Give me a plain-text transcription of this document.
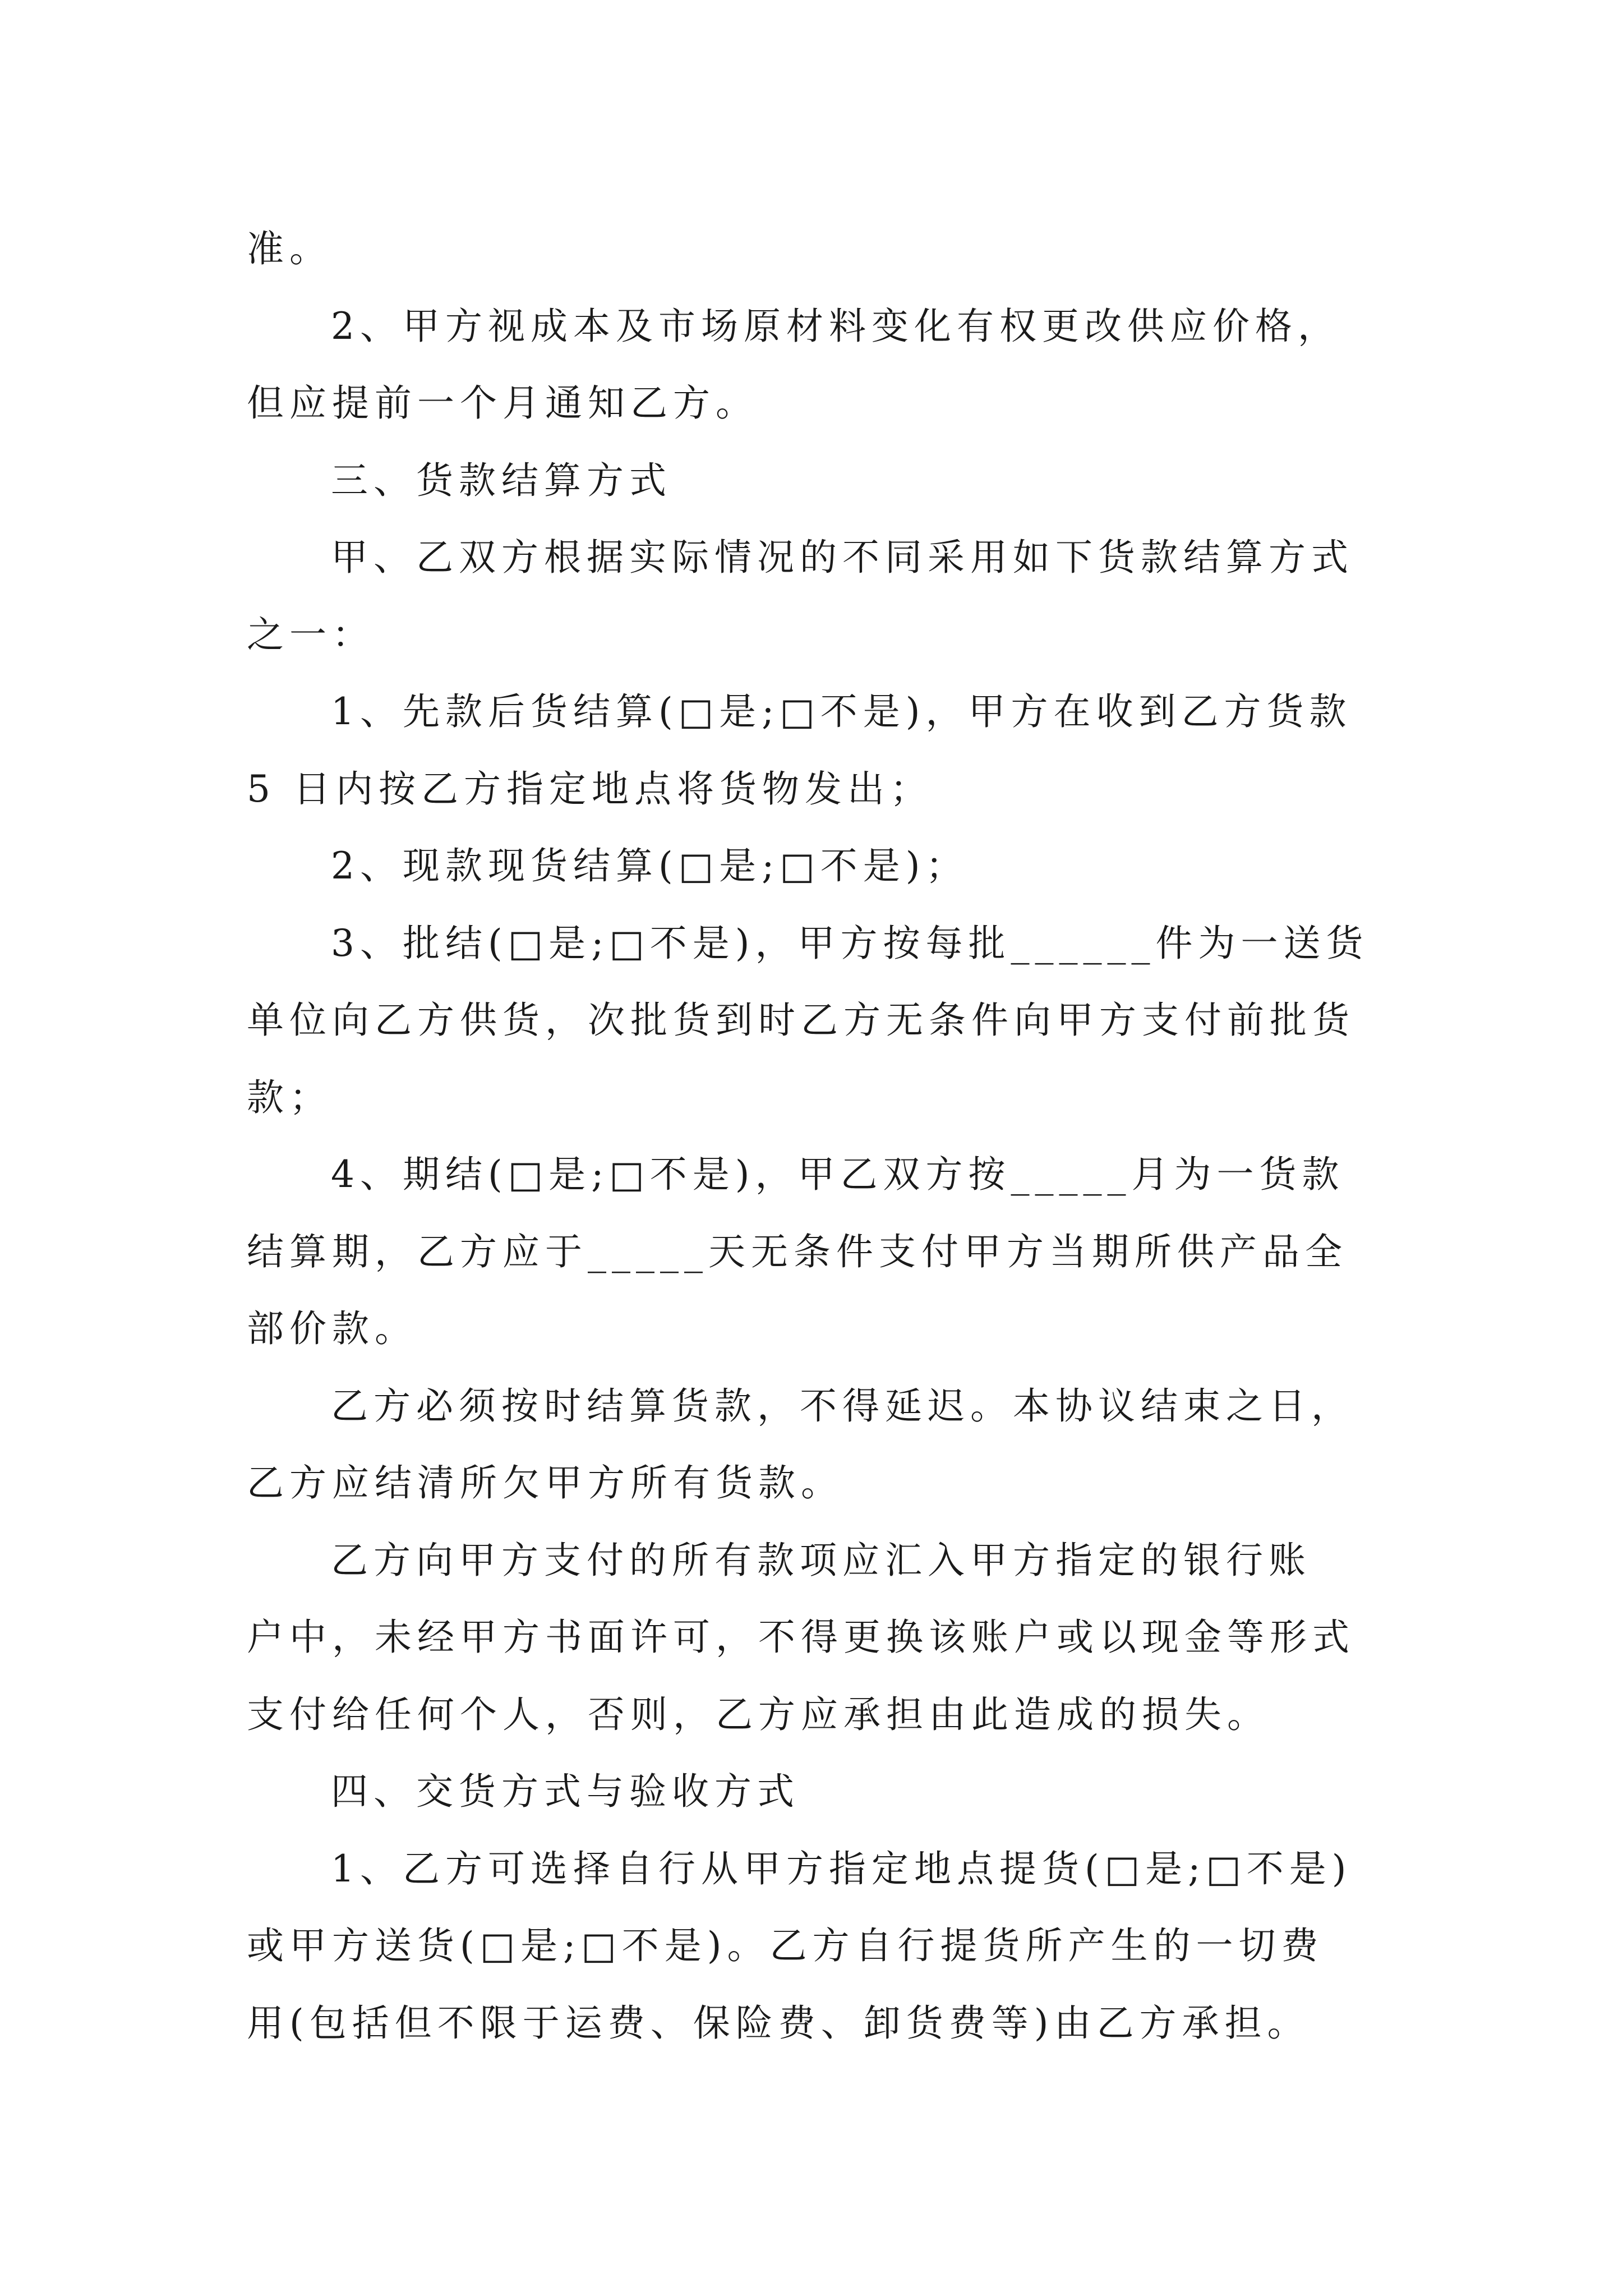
准。

2、甲方视成本及市场原材料变化有权更改供应价格，
但应提前一个月通知乙方。

三、货款结算方式

甲、乙双方根据实际情况的不同采用如下货款结算方式
之一：

1、先款后货结算(□是;□不是)，甲方在收到乙方货款
5 日内按乙方指定地点将货物发出；

2、现款现货结算(□是;□不是)；

3、批结(□是;□不是)，甲方按每批______件为一送货
单位向乙方供货，次批货到时乙方无条件向甲方支付前批货
款；

4、期结(□是;□不是)，甲乙双方按_____月为一货款
结算期，乙方应于_____天无条件支付甲方当期所供产品全
部价款。

乙方必须按时结算货款，不得延迟。本协议结束之日，
乙方应结清所欠甲方所有货款。

乙方向甲方支付的所有款项应汇入甲方指定的银行账
户中，未经甲方书面许可，不得更换该账户或以现金等形式
支付给任何个人，否则，乙方应承担由此造成的损失。

四、交货方式与验收方式

1、乙方可选择自行从甲方指定地点提货(□是;□不是)
或甲方送货(□是;□不是)。乙方自行提货所产生的一切费
用(包括但不限于运费、保险费、卸货费等)由乙方承担。
